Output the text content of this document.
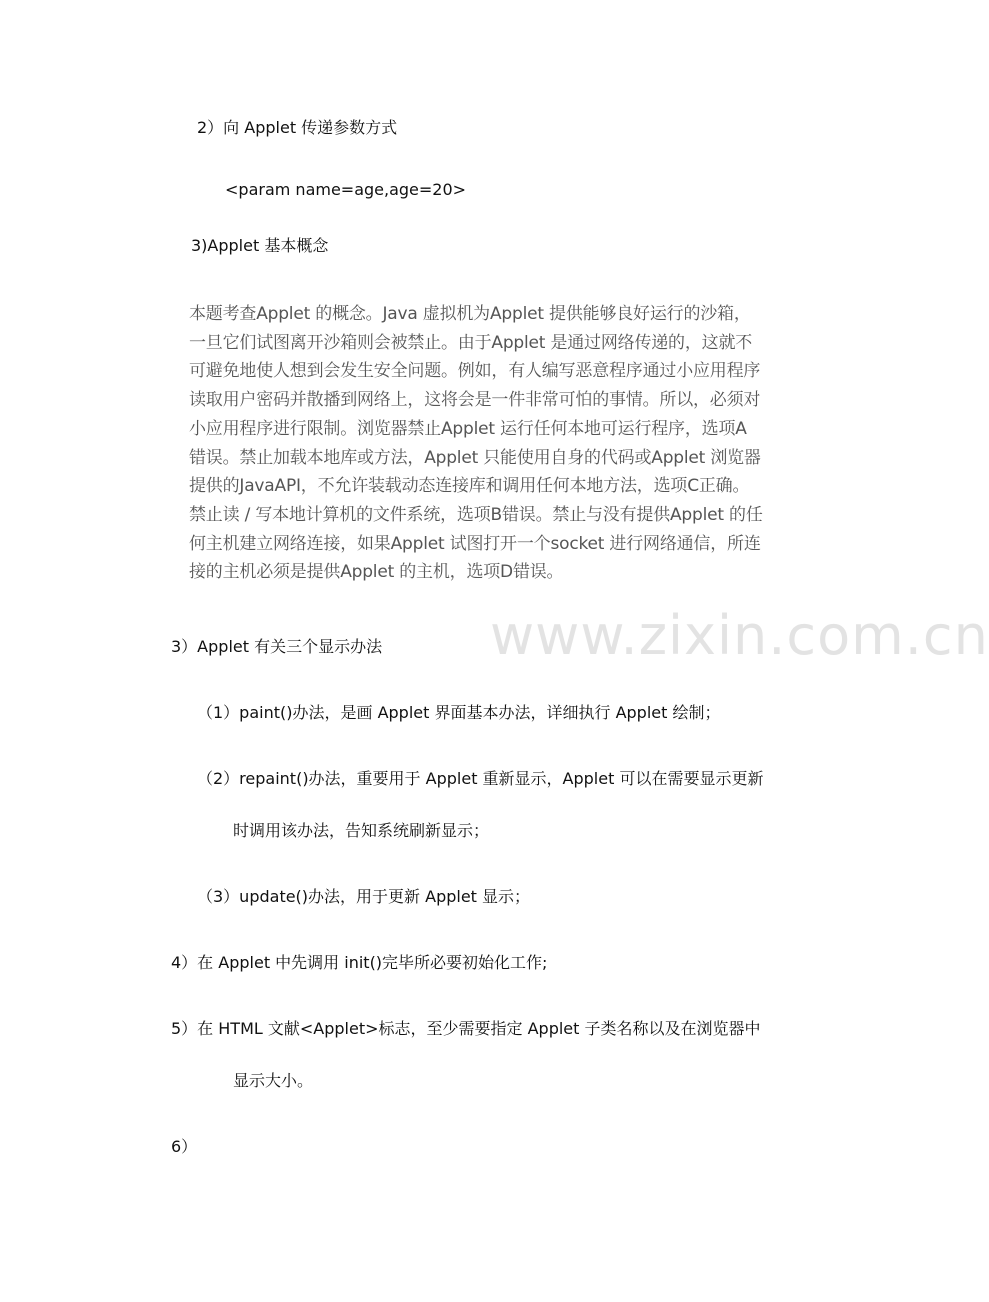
2）向 Applet 传递参数方式
<param name=age,age=20>
3)Applet 基本概念
本题考查Applet 的概念。Java 虚拟机为Applet 提供能够良好运行的沙箱，
一旦它们试图离开沙箱则会被禁止。由于Applet 是通过网络传递的，这就不
可避免地使人想到会发生安全问题。例如，有人编写恶意程序通过小应用程序
读取用户密码并散播到网络上，这将会是一件非常可怕的事情。所以，必须对
小应用程序进行限制。浏览器禁止Applet 运行任何本地可运行程序，选项A
错误。禁止加载本地库或方法，Applet 只能使用自身的代码或Applet 浏览器
提供的JavaAPI，不允许装载动态连接库和调用任何本地方法，选项C正确。
禁止读 / 写本地计算机的文件系统，选项B错误。禁止与没有提供Applet 的任
何主机建立网络连接，如果Applet 试图打开一个socket 进行网络通信，所连
接的主机必须是提供Applet 的主机，选项D错误。
3）Applet 有关三个显示办法
（1）paint()办法，是画 Applet 界面基本办法，详细执行 Applet 绘制；
（2）repaint()办法，重要用于 Applet 重新显示，Applet 可以在需要显示更新
时调用该办法，告知系统刷新显示；
（3）update()办法，用于更新 Applet 显示；
4）在 Applet 中先调用 init()完毕所必要初始化工作;
5）在 HTML 文献<Applet>标志，至少需要指定 Applet 子类名称以及在浏览器中
显示大小。
6）
www.zixin.com.cn
